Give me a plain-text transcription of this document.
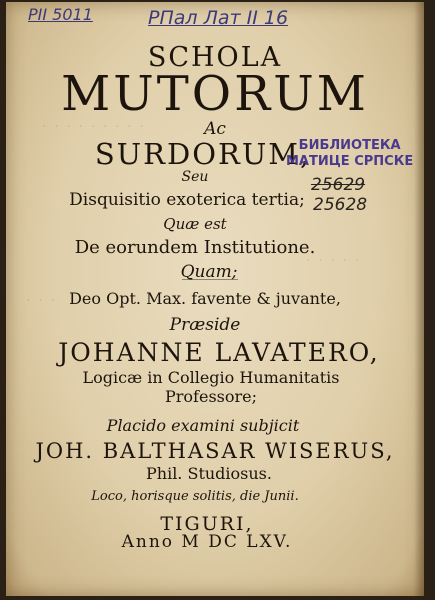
· · · · · · · · ·
· · · · ·
· · ·
PII 5011	РПал Лат II 16
SCHOLA
MUTORUM
Ac
SURDORUM,
Seu
Disquisitio exoterica tertia;
Quæ est
De eorundem Institutione.
Quam;
Deo Opt. Max. favente & juvante,
Præside
JOHANNE LAVATERO,
Logicæ in Collegio Humanitatis
Professore;
Placido examini subjicit
JOH. BALTHASAR WISERUS,
Phil. Studiosus.
Loco, horisque solitis, die Junii.
TIGURI,
Anno M DC LXV.
БИБЛИОТЕКА
МАТИЦЕ СРПСКЕ
25629
25628
